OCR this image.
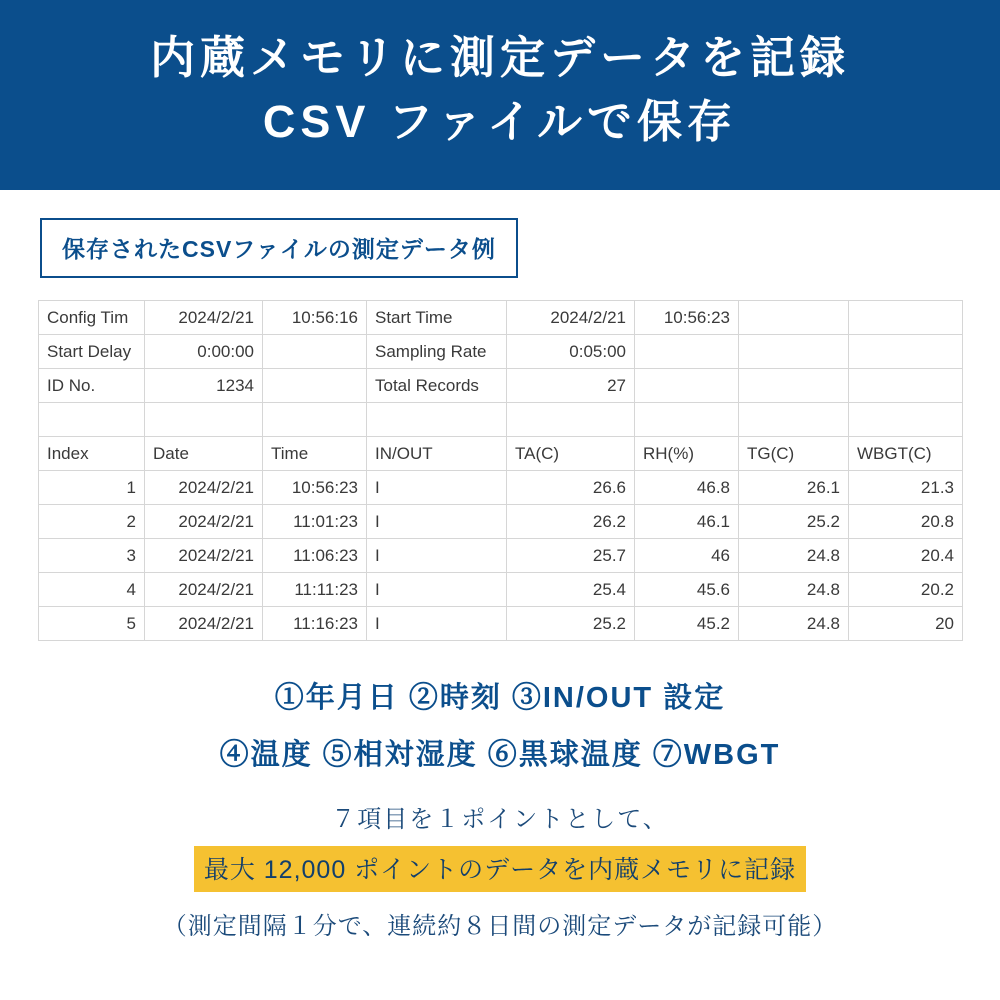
内蔵メモリに測定データを記録
CSV ファイルで保存
保存されたCSVファイルの測定データ例
Config Tim	2024/2/21	10:56:16	Start Time	2024/2/21	10:56:23		
Start Delay	0:00:00		Sampling Rate	0:05:00			
ID No.	1234		Total Records	27			

Index	Date	Time	IN/OUT	TA(C)	RH(%)	TG(C)	WBGT(C)
1	2024/2/21	10:56:23	I	26.6	46.8	26.1	21.3
2	2024/2/21	11:01:23	I	26.2	46.1	25.2	20.8
3	2024/2/21	11:06:23	I	25.7	46	24.8	20.4
4	2024/2/21	11:11:23	I	25.4	45.6	24.8	20.2
5	2024/2/21	11:16:23	I	25.2	45.2	24.8	20
①年月日 ②時刻 ③IN/OUT 設定
④温度 ⑤相対湿度 ⑥黒球温度 ⑦WBGT
７項目を１ポイントとして、
最大 12,000 ポイントのデータを内蔵メモリに記録
（測定間隔１分で、連続約８日間の測定データが記録可能）
